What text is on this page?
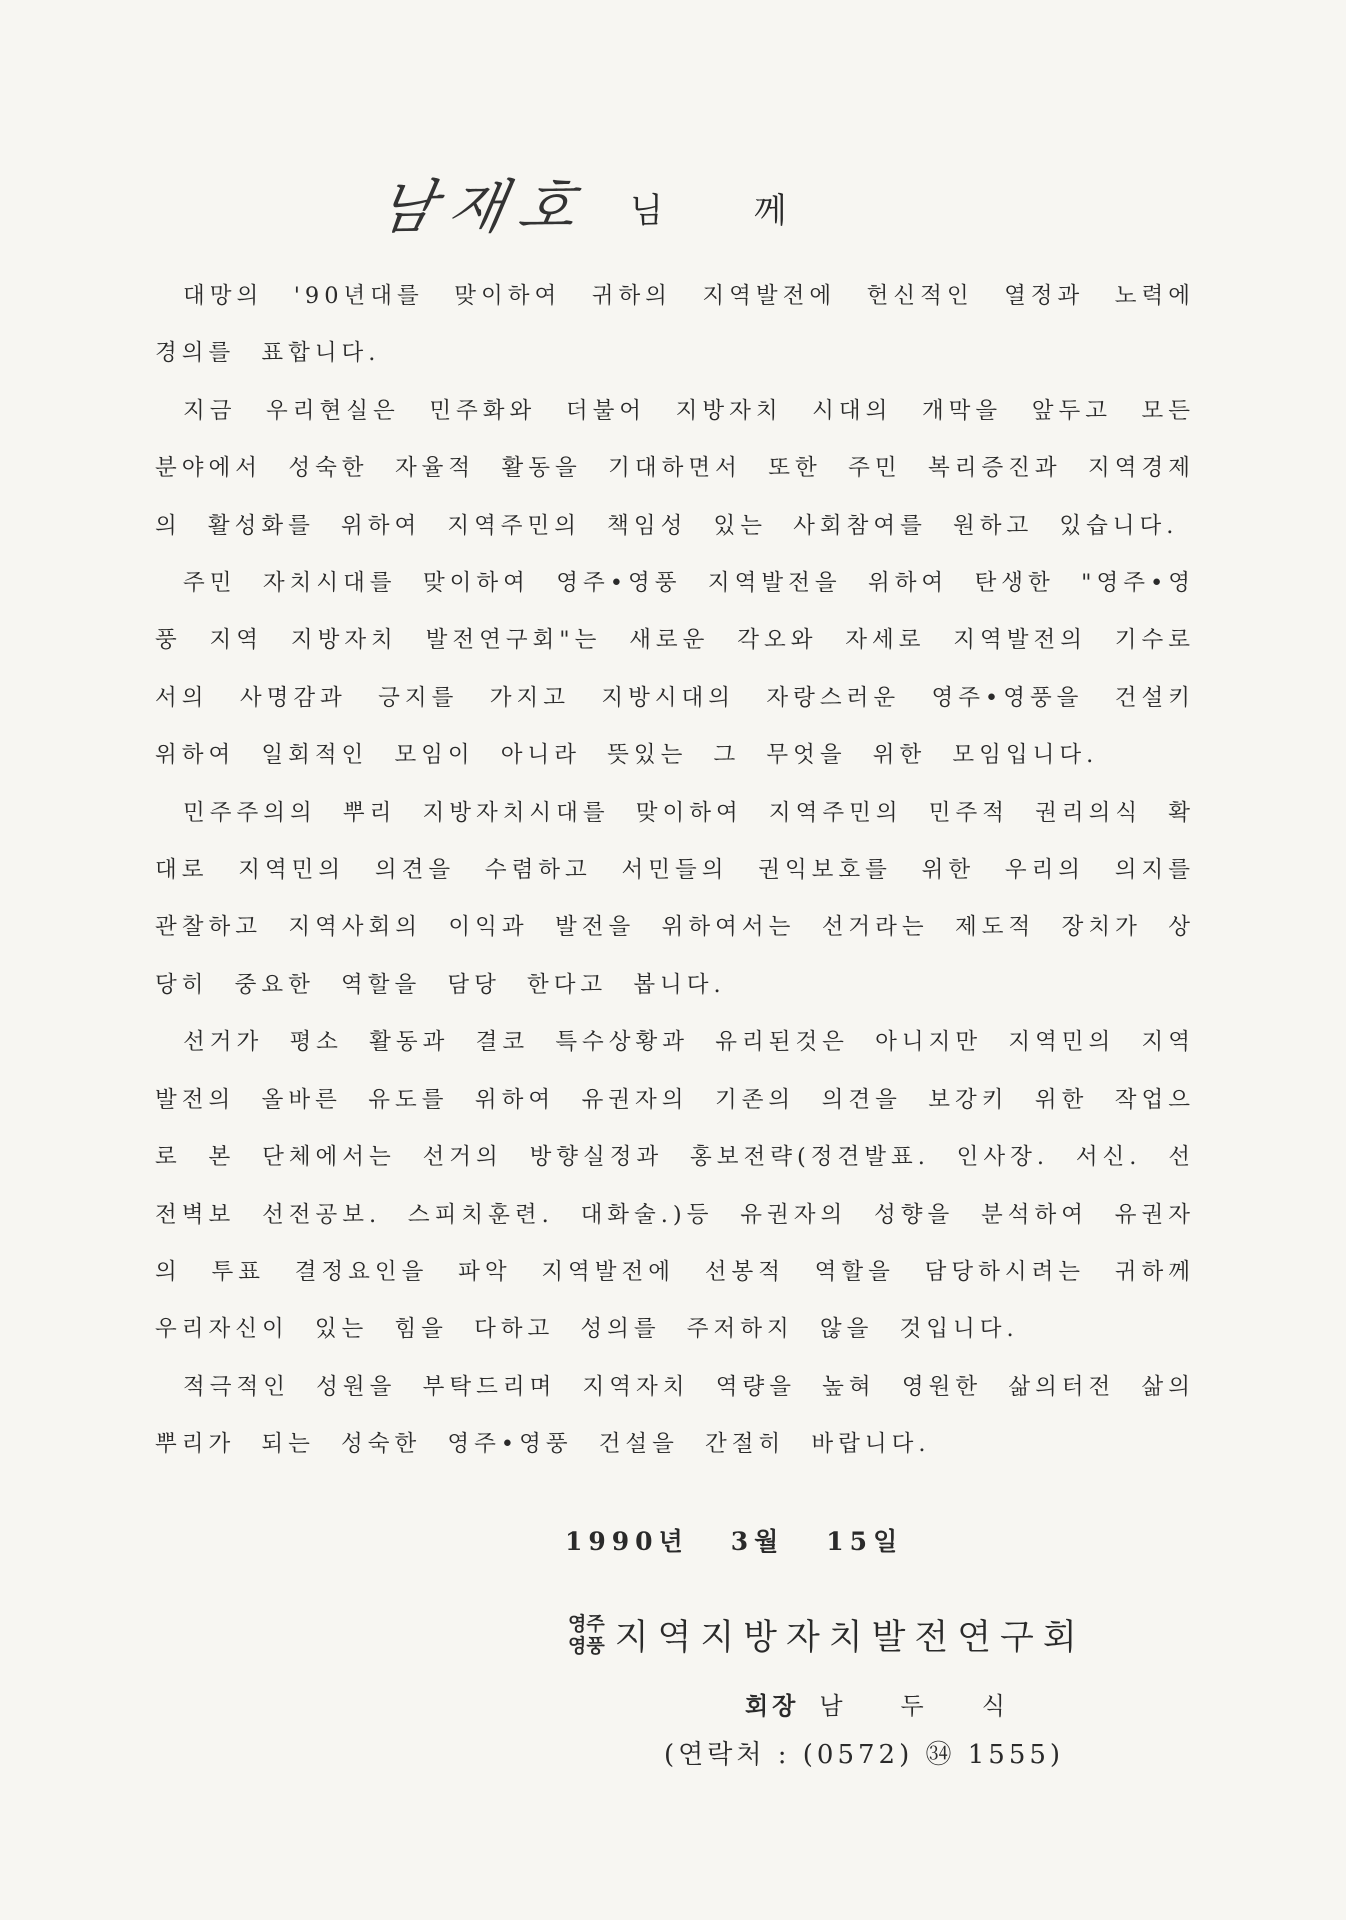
남재호 님 께

대망의 '90년대를 맞이하여 귀하의 지역발전에 헌신적인 열정과 노력에 경의를 표합니다.

지금 우리현실은 민주화와 더불어 지방자치 시대의 개막을 앞두고 모든 분야에서 성숙한 자율적 활동을 기대하면서 또한 주민 복리증진과 지역경제의 활성화를 위하여 지역주민의 책임성 있는 사회참여를 원하고 있습니다.

주민 자치시대를 맞이하여 영주•영풍 지역발전을 위하여 탄생한 "영주•영풍 지역 지방자치 발전연구회"는 새로운 각오와 자세로 지역발전의 기수로서의 사명감과 긍지를 가지고 지방시대의 자랑스러운 영주•영풍을 건설키 위하여 일회적인 모임이 아니라 뜻있는 그 무엇을 위한 모임입니다.

민주주의의 뿌리 지방자치시대를 맞이하여 지역주민의 민주적 권리의식 확대로 지역민의 의견을 수렴하고 서민들의 권익보호를 위한 우리의 의지를 관찰하고 지역사회의 이익과 발전을 위하여서는 선거라는 제도적 장치가 상당히 중요한 역할을 담당 한다고 봅니다.

선거가 평소 활동과 결코 특수상황과 유리된것은 아니지만 지역민의 지역발전의 올바른 유도를 위하여 유권자의 기존의 의견을 보강키 위한 작업으로 본 단체에서는 선거의 방향실정과 홍보전략(정견발표. 인사장. 서신. 선전벽보 선전공보. 스피치훈련. 대화술.)등 유권자의 성향을 분석하여 유권자의 투표 결정요인을 파악 지역발전에 선봉적 역할을 담당하시려는 귀하께 우리자신이 있는 힘을 다하고 성의를 주저하지 않을 것입니다.

적극적인 성원을 부탁드리며 지역자치 역량을 높혀 영원한 삶의터전 삶의 뿌리가 되는 성숙한 영주•영풍 건설을 간절히 바랍니다.

1990년 3월 15일
영주
영풍 지역지방자치발전연구회
회장 남두식
(연락처 : (0572) ㉞ 1555)
